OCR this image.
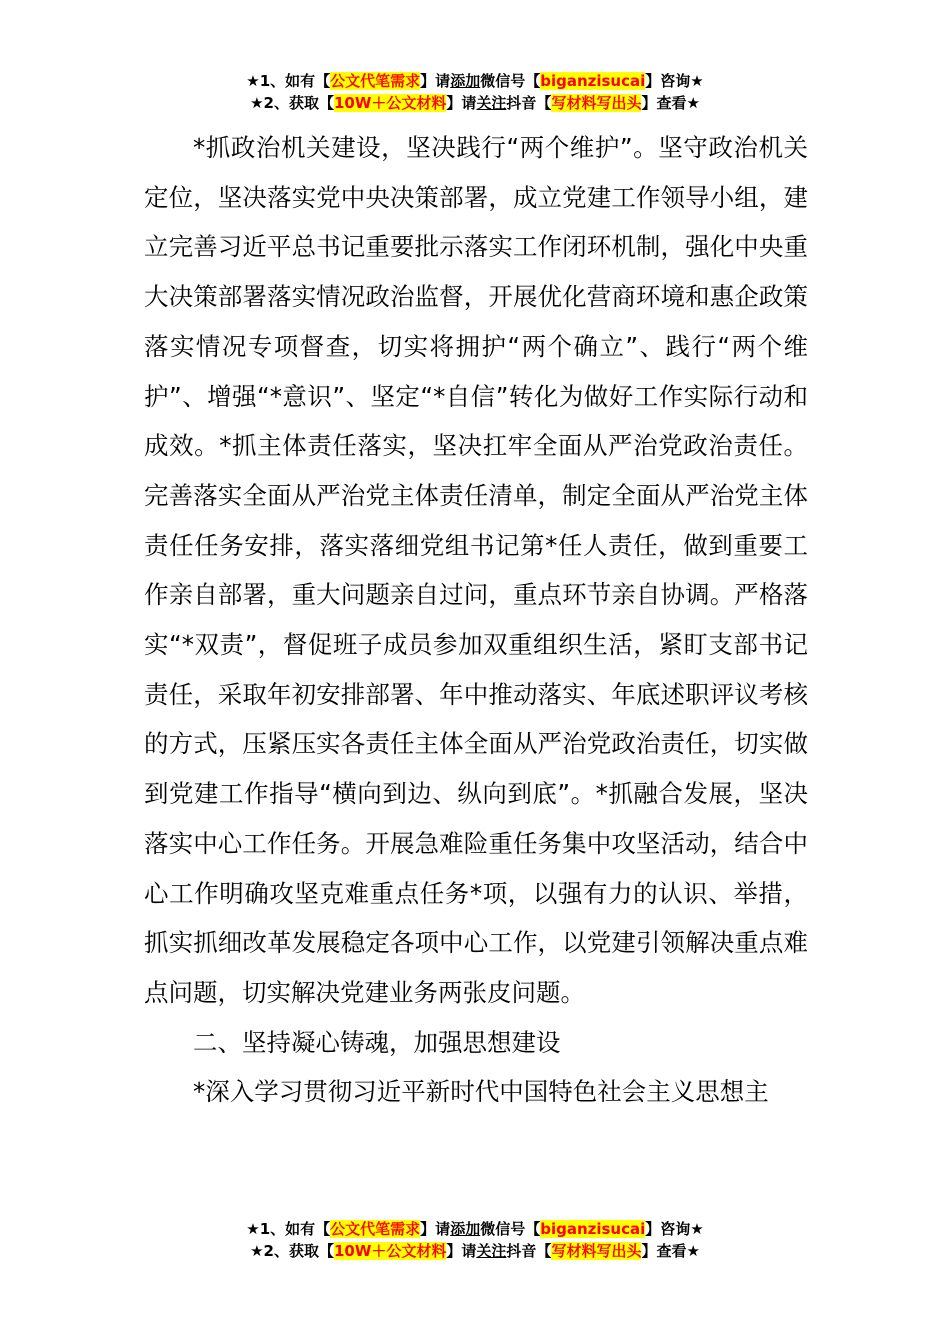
★1、如有【公文代笔需求】请添加微信号【biganzisucai】咨询★
★2、获取【10W＋公文材料】请关注抖音【写材料写出头】查看★

*抓政治机关建设，坚决践行“两个维护”。坚守政治机关定位，坚决落实党中央决策部署，成立党建工作领导小组，建立完善习近平总书记重要批示落实工作闭环机制，强化中央重大决策部署落实情况政治监督，开展优化营商环境和惠企政策落实情况专项督查，切实将拥护“两个确立”、践行“两个维护”、增强“*意识”、坚定“*自信”转化为做好工作实际行动和成效。*抓主体责任落实，坚决扛牢全面从严治党政治责任。完善落实全面从严治党主体责任清单，制定全面从严治党主体责任任务安排，落实落细党组书记第*任人责任，做到重要工作亲自部署，重大问题亲自过问，重点环节亲自协调。严格落实“*双责”，督促班子成员参加双重组织生活，紧盯支部书记责任，采取年初安排部署、年中推动落实、年底述职评议考核的方式，压紧压实各责任主体全面从严治党政治责任，切实做到党建工作指导“横向到边、纵向到底”。*抓融合发展，坚决落实中心工作任务。开展急难险重任务集中攻坚活动，结合中心工作明确攻坚克难重点任务*项，以强有力的认识、举措，抓实抓细改革发展稳定各项中心工作，以党建引领解决重点难点问题，切实解决党建业务两张皮问题。

二、坚持凝心铸魂，加强思想建设

*深入学习贯彻习近平新时代中国特色社会主义思想主

★1、如有【公文代笔需求】请添加微信号【biganzisucai】咨询★
★2、获取【10W＋公文材料】请关注抖音【写材料写出头】查看★
